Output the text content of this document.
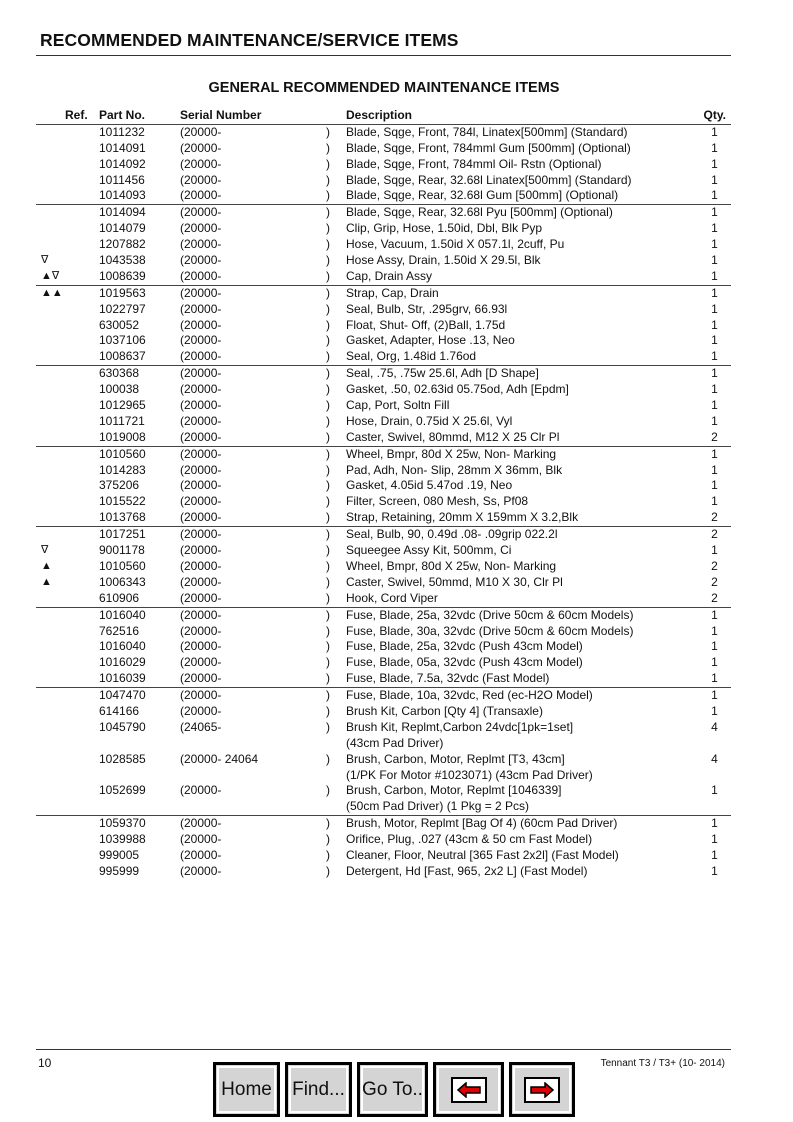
RECOMMENDED MAINTENANCE/SERVICE ITEMS
GENERAL RECOMMENDED MAINTENANCE ITEMS
Ref. Part No.	Serial Number	Description	Qty.
1011232	(20000-	)	Blade, Sqge, Front, 784l, Linatex[500mm] (Standard)	1
1014091	(20000-	)	Blade, Sqge, Front, 784mml Gum [500mm] (Optional)	1
1014092	(20000-	)	Blade, Sqge, Front, 784mml Oil- Rstn (Optional)	1
1011456	(20000-	)	Blade, Sqge, Rear, 32.68l Linatex[500mm] (Standard)	1
1014093	(20000-	)	Blade, Sqge, Rear, 32.68l Gum [500mm] (Optional)	1
1014094	(20000-	)	Blade, Sqge, Rear, 32.68l Pyu [500mm] (Optional)	1
1014079	(20000-	)	Clip, Grip, Hose, 1.50id, Dbl, Blk Pyp	1
1207882	(20000-	)	Hose, Vacuum, 1.50id X 057.1l, 2cuff, Pu	1
∇	1043538	(20000-	)	Hose Assy, Drain, 1.50id X 29.5l, Blk	1
▲∇	1008639	(20000-	)	Cap, Drain Assy	1
▲▲	1019563	(20000-	)	Strap, Cap, Drain	1
1022797	(20000-	)	Seal, Bulb, Str, .295grv, 66.93l	1
630052	(20000-	)	Float, Shut- Off, (2)Ball, 1.75d	1
1037106	(20000-	)	Gasket, Adapter, Hose .13, Neo	1
1008637	(20000-	)	Seal, Org, 1.48id 1.76od	1
630368	(20000-	)	Seal, .75, .75w 25.6l, Adh [D Shape]	1
100038	(20000-	)	Gasket, .50, 02.63id 05.75od, Adh [Epdm]	1
1012965	(20000-	)	Cap, Port, Soltn Fill	1
1011721	(20000-	)	Hose, Drain, 0.75id X 25.6l, Vyl	1
1019008	(20000-	)	Caster, Swivel, 80mmd, M12 X 25 Clr Pl	2
1010560	(20000-	)	Wheel, Bmpr, 80d X 25w, Non- Marking	1
1014283	(20000-	)	Pad, Adh, Non- Slip, 28mm X 36mm, Blk	1
375206	(20000-	)	Gasket, 4.05id 5.47od .19, Neo	1
1015522	(20000-	)	Filter, Screen, 080 Mesh, Ss, Pf08	1
1013768	(20000-	)	Strap, Retaining, 20mm X 159mm X 3.2,Blk	2
1017251	(20000-	)	Seal, Bulb, 90, 0.49d .08- .09grip 022.2l	2
∇	9001178	(20000-	)	Squeegee Assy Kit, 500mm, Ci	1
▲	1010560	(20000-	)	Wheel, Bmpr, 80d X 25w, Non- Marking	2
▲	1006343	(20000-	)	Caster, Swivel, 50mmd, M10 X 30, Clr Pl	2
610906	(20000-	)	Hook, Cord Viper	2
1016040	(20000-	)	Fuse, Blade, 25a, 32vdc (Drive 50cm & 60cm Models)	1
762516	(20000-	)	Fuse, Blade, 30a, 32vdc (Drive 50cm & 60cm Models)	1
1016040	(20000-	)	Fuse, Blade, 25a, 32vdc (Push 43cm Model)	1
1016029	(20000-	)	Fuse, Blade, 05a, 32vdc (Push 43cm Model)	1
1016039	(20000-	)	Fuse, Blade, 7.5a, 32vdc (Fast Model)	1
1047470	(20000-	)	Fuse, Blade, 10a, 32vdc, Red (ec-H2O Model)	1
614166	(20000-	)	Brush Kit, Carbon [Qty 4] (Transaxle)	1
1045790	(24065-	)	Brush Kit, Replmt,Carbon 24vdc[1pk=1set]	4
(43cm Pad Driver)
1028585	(20000- 24064	)	Brush, Carbon, Motor, Replmt [T3, 43cm]	4
(1/PK For Motor #1023071) (43cm Pad Driver)
1052699	(20000-	)	Brush, Carbon, Motor, Replmt [1046339]	1
(50cm Pad Driver) (1 Pkg = 2 Pcs)
1059370	(20000-	)	Brush, Motor, Replmt [Bag Of 4) (60cm Pad Driver)	1
1039988	(20000-	)	Orifice, Plug, .027 (43cm & 50 cm Fast Model)	1
999005	(20000-	)	Cleaner, Floor, Neutral [365 Fast 2x2l] (Fast Model)	1
995999	(20000-	)	Detergent, Hd [Fast, 965, 2x2 L] (Fast Model)	1
10	Tennant T3 / T3+ (10- 2014)
Home	Find... Go To..
